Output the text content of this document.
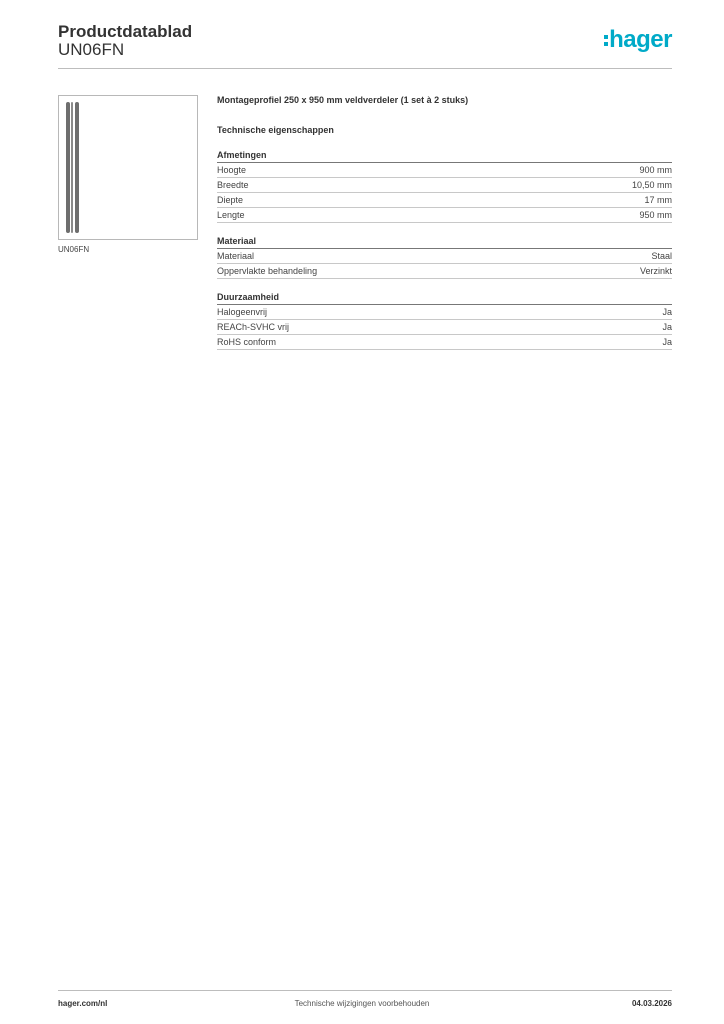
Productdatablad
UN06FN	hager
UN06FN
Montageprofiel 250 x 950 mm veldverdeler (1 set à 2 stuks)
Technische eigenschappen
Afmetingen
Hoogte	900 mm
Breedte	10,50 mm
Diepte	17 mm
Lengte	950 mm
Materiaal
Materiaal	Staal
Oppervlakte behandeling	Verzinkt
Duurzaamheid
Halogeenvrij	Ja
REACh-SVHC vrij	Ja
RoHS conform	Ja
Technische wijzigingen voorbehouden
hager.com/nl	04.03.2026
